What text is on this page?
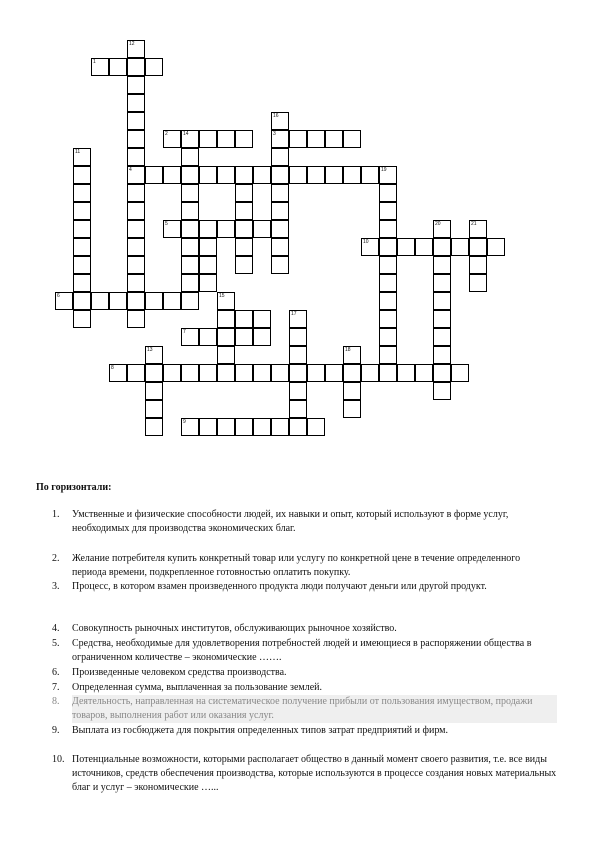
1
2	14	3
4
5
6
7
8
9
10
11
12
13
15
16
17
18
19
20	21
По горизонтали:
1.	Умственные и физические способности людей, их навыки и опыт, который используют в форме услуг, необходимых для производства экономических благ.
2.	Желание потребителя купить конкретный товар или услугу по конкретной цене в течение определенного периода времени, подкрепленное готовностью оплатить покупку.
3.	Процесс, в котором взамен произведенного продукта люди получают деньги или другой продукт.
4.	Совокупность рыночных институтов, обслуживающих рыночное хозяйство.
5.	Средства, необходимые для удовлетворения потребностей людей и имеющиеся в распоряжении общества в ограниченном количестве – экономические …….
6.	Произведенные человеком средства производства.
7.	Определенная сумма, выплаченная за пользование землей.
8.	Деятельность, направленная на систематическое получение прибыли от пользования имуществом, продажи товаров, выполнения работ или оказания услуг.
9.	Выплата из госбюджета для покрытия определенных типов затрат предприятий и фирм.
10. Потенциальные возможности, которыми располагает общество в данный момент своего развития, т.е. все виды источников, средств обеспечения производства, которые используются в процессе создания новых материальных благ и услуг – экономические …...
